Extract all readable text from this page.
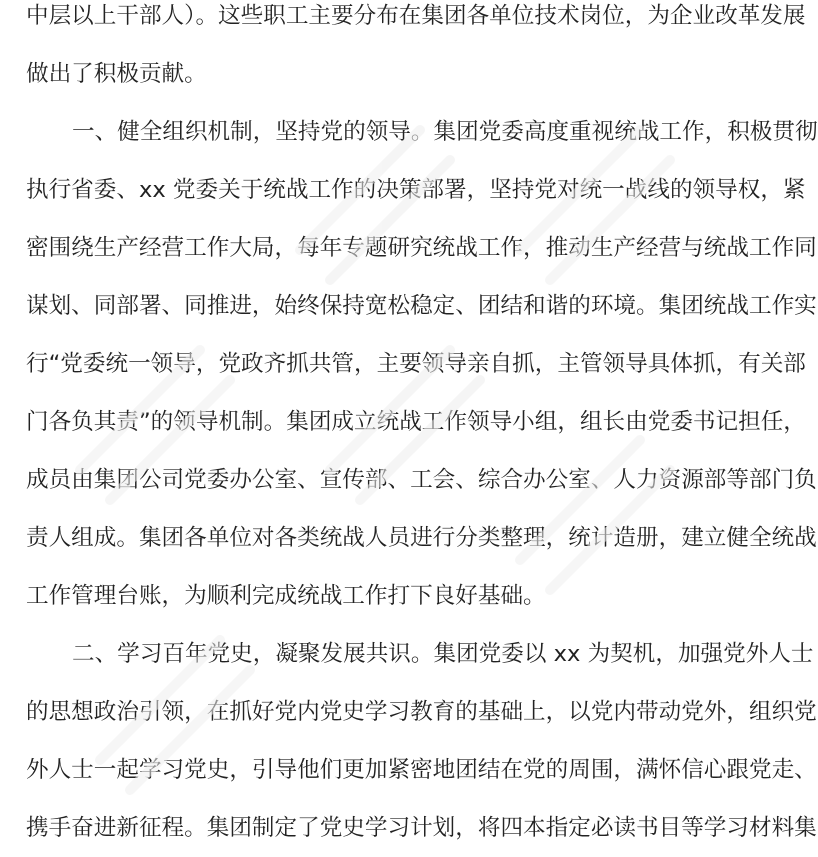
中层以上干部人）。这些职工主要分布在集团各单位技术岗位，为企业改革发展
做出了积极贡献。
一、健全组织机制，坚持党的领导。集团党委高度重视统战工作，积极贯彻
执行省委、xx 党委关于统战工作的决策部署，坚持党对统一战线的领导权，紧
密围绕生产经营工作大局，每年专题研究统战工作，推动生产经营与统战工作同
谋划、同部署、同推进，始终保持宽松稳定、团结和谐的环境。集团统战工作实
行“党委统一领导，党政齐抓共管，主要领导亲自抓，主管领导具体抓，有关部
门各负其责”的领导机制。集团成立统战工作领导小组，组长由党委书记担任，
成员由集团公司党委办公室、宣传部、工会、综合办公室、人力资源部等部门负
责人组成。集团各单位对各类统战人员进行分类整理，统计造册，建立健全统战
工作管理台账，为顺利完成统战工作打下良好基础。
二、学习百年党史，凝聚发展共识。集团党委以 xx 为契机，加强党外人士
的思想政治引领，在抓好党内党史学习教育的基础上，以党内带动党外，组织党
外人士一起学习党史，引导他们更加紧密地团结在党的周围，满怀信心跟党走、
携手奋进新征程。集团制定了党史学习计划，将四本指定必读书目等学习材料集
